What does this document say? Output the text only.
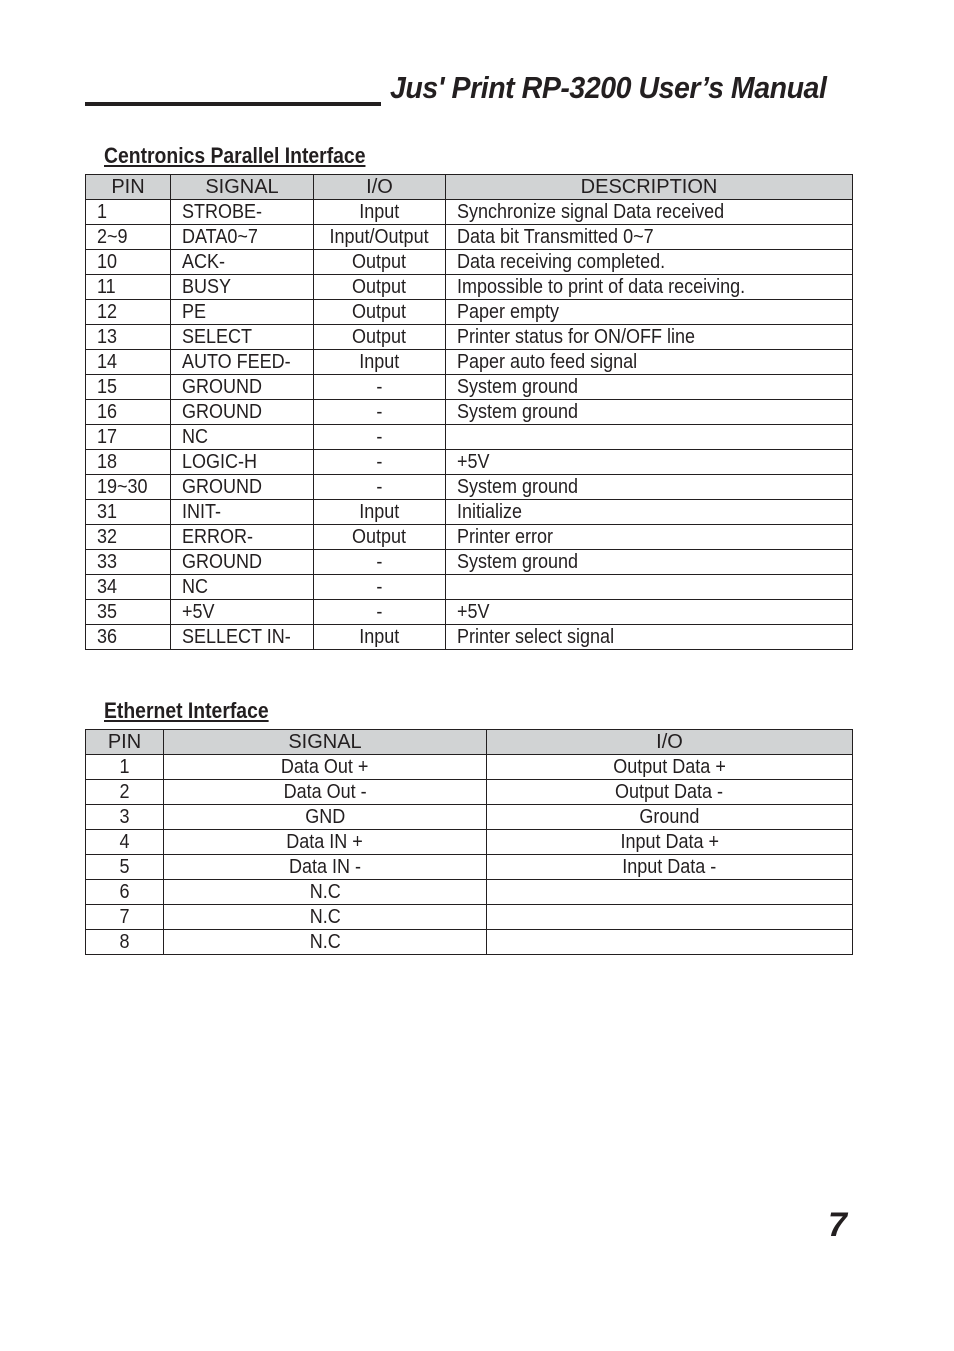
Jus' Print RP-3200 User’s Manual
Centronics Parallel Interface
PIN	SIGNAL	I/O	DESCRIPTION
1	STROBE-	Input	Synchronize signal Data received
2~9	DATA0~7	Input/Output	Data bit Transmitted 0~7
10	ACK-	Output	Data receiving completed.
11	BUSY	Output	Impossible to print of data receiving.
12	PE	Output	Paper empty
13	SELECT	Output	Printer status for ON/OFF line
14	AUTO FEED-	Input	Paper auto feed signal
15	GROUND	-	System ground
16	GROUND	-	System ground
17	NC	-	
18	LOGIC-H	-	+5V
19~30	GROUND	-	System ground
31	INIT-	Input	Initialize
32	ERROR-	Output	Printer error
33	GROUND	-	System ground
34	NC	-	
35	+5V	-	+5V
36	SELLECT IN-	Input	Printer select signal
Ethernet Interface
PIN	SIGNAL	I/O
1	Data Out +	Output Data +
2	Data Out -	Output Data -
3	GND	Ground
4	Data IN +	Input Data +
5	Data IN -	Input Data -
6	N.C	
7	N.C	
8	N.C	
7
